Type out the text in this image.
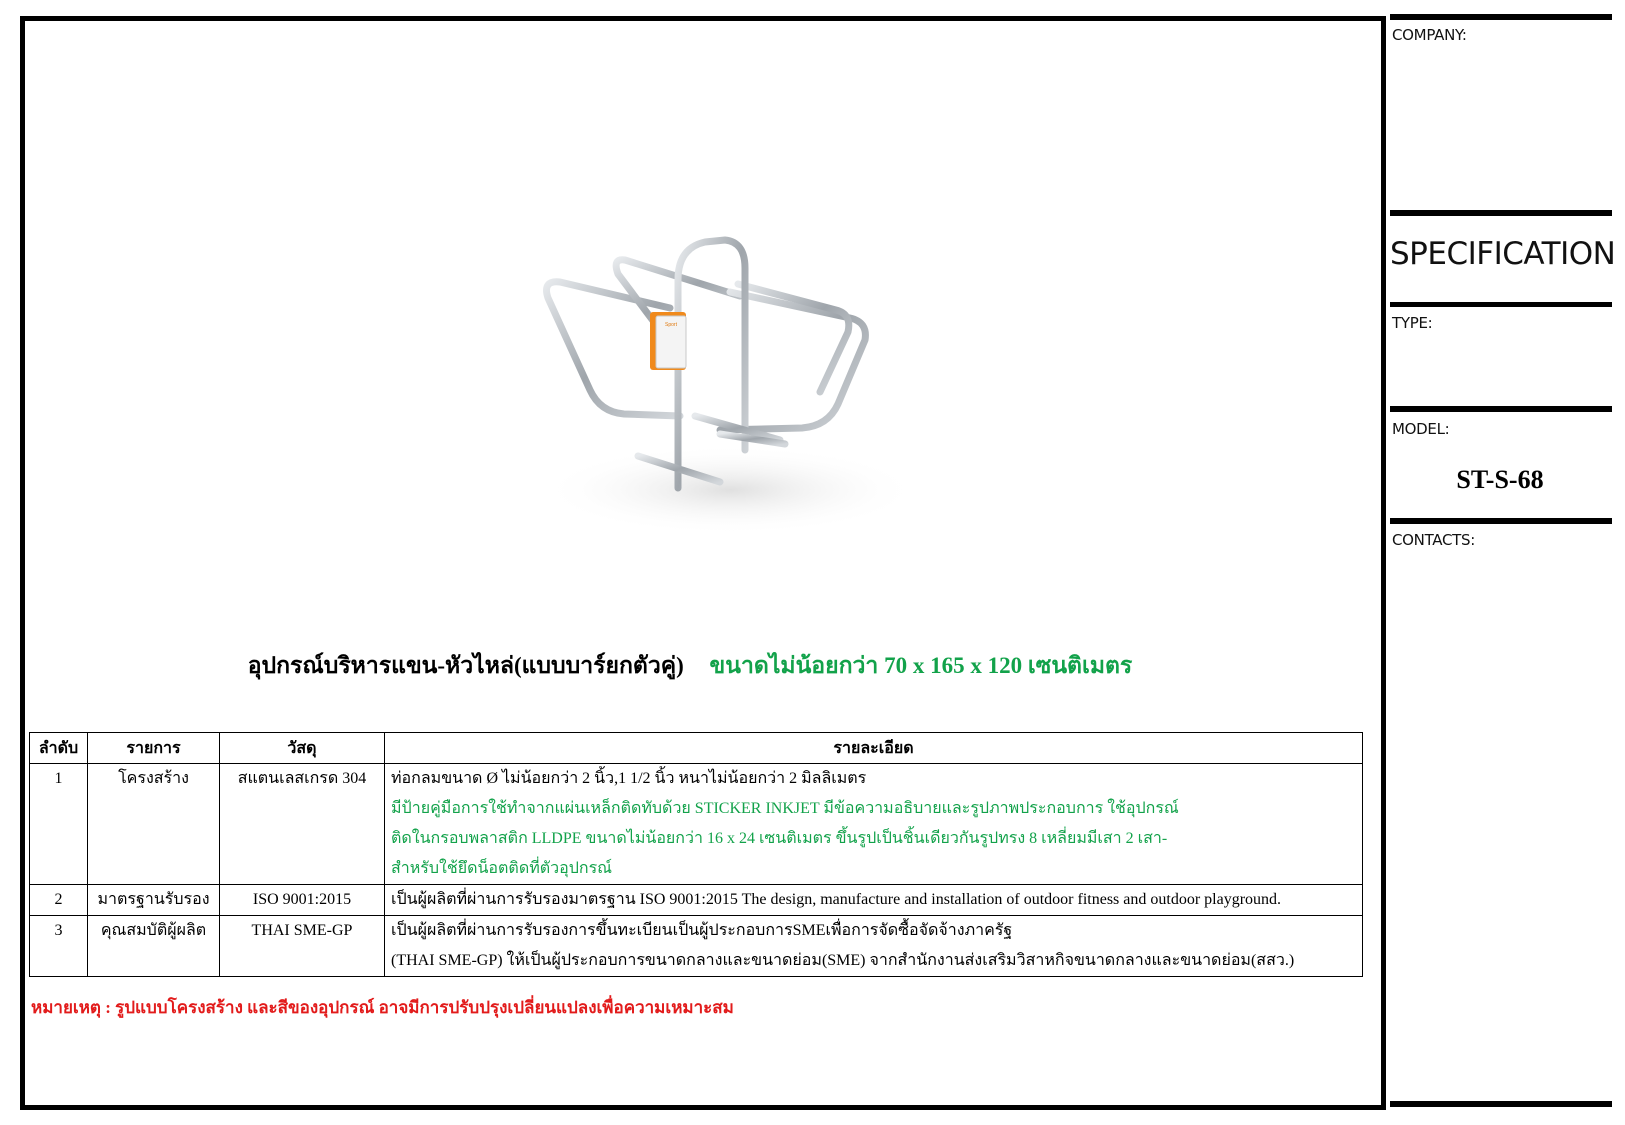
Sport
อุปกรณ์บริหารแขน-หัวไหล่(แบบบาร์ยกตัวคู่) ขนาดไม่น้อยกว่า 70 x 165 x 120 เซนติเมตร
ลำดับ	รายการ	วัสดุ	รายละเอียด
1	โครงสร้าง	สแตนเลสเกรด 304	ท่อกลมขนาด Ø ไม่น้อยกว่า 2 นิ้ว,1 1/2 นิ้ว หนาไม่น้อยกว่า 2 มิลลิเมตร
มีป้ายคู่มือการใช้ทำจากแผ่นเหล็กติดทับด้วย STICKER INKJET มีข้อความอธิบายและรูปภาพประกอบการ ใช้อุปกรณ์
ติดในกรอบพลาสติก LLDPE ขนาดไม่น้อยกว่า 16 x 24 เซนติเมตร ขึ้นรูปเป็นชิ้นเดียวกันรูปทรง 8 เหลี่ยมมีเสา 2 เสา-
สำหรับใช้ยึดน็อตติดที่ตัวอุปกรณ์

2	มาตรฐานรับรอง	ISO 9001:2015	เป็นผู้ผลิตที่ผ่านการรับรองมาตรฐาน ISO 9001:2015 The design, manufacture and installation of outdoor fitness and outdoor playground.

3	คุณสมบัติผู้ผลิต	THAI SME-GP	เป็นผู้ผลิตที่ผ่านการรับรองการขึ้นทะเบียนเป็นผู้ประกอบการSMEเพื่อการจัดซื้อจัดจ้างภาครัฐ
(THAI SME-GP) ให้เป็นผู้ประกอบการขนาดกลางและขนาดย่อม(SME) จากสำนักงานส่งเสริมวิสาหกิจขนาดกลางและขนาดย่อม(สสว.)
หมายเหตุ : รูปแบบโครงสร้าง และสีของอุปกรณ์ อาจมีการปรับปรุงเปลี่ยนแปลงเพื่อความเหมาะสม
COMPANY:
SPECIFICATION
TYPE:
MODEL:
ST-S-68
CONTACTS:
